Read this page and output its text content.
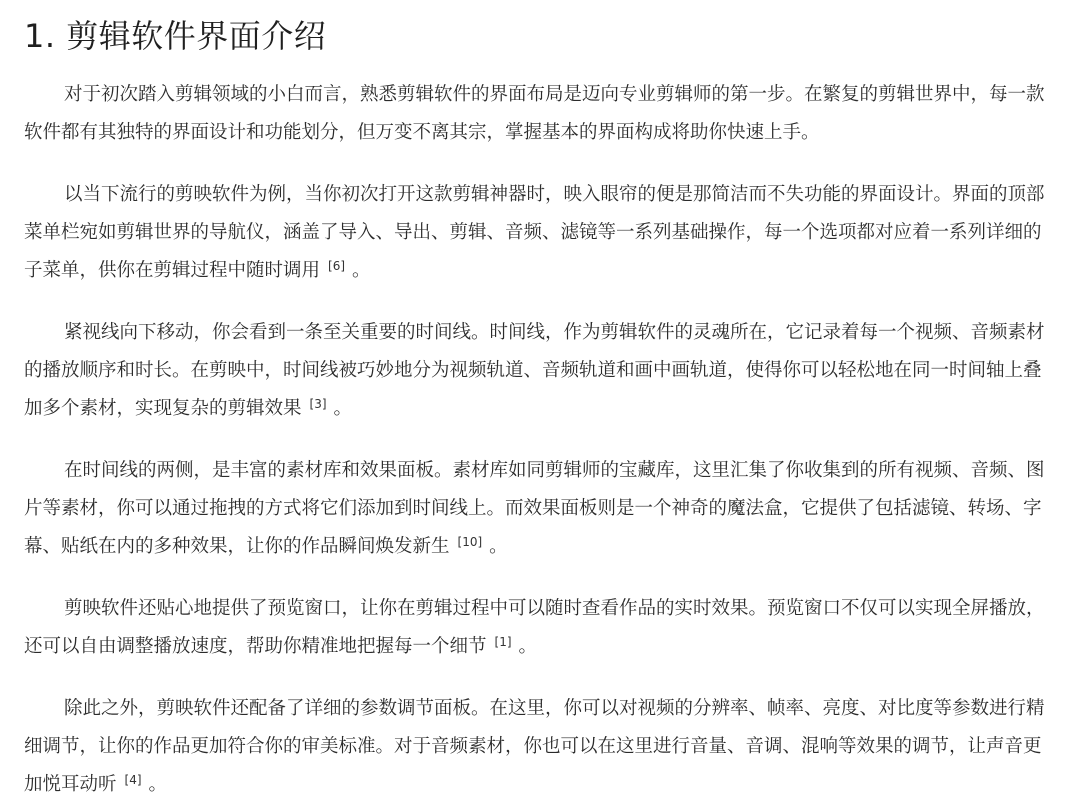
1. 剪辑软件界面介绍

对于初次踏入剪辑领域的小白而言，熟悉剪辑软件的界面布局是迈向专业剪辑师的第一步。在繁复的剪辑世界中，每一款软件都有其独特的界面设计和功能划分，但万变不离其宗，掌握基本的界面构成将助你快速上手。

以当下流行的剪映软件为例，当你初次打开这款剪辑神器时，映入眼帘的便是那简洁而不失功能的界面设计。界面的顶部菜单栏宛如剪辑世界的导航仪，涵盖了导入、导出、剪辑、音频、滤镜等一系列基础操作，每一个选项都对应着一系列详细的子菜单，供你在剪辑过程中随时调用 [6] 。

紧视线向下移动，你会看到一条至关重要的时间线。时间线，作为剪辑软件的灵魂所在，它记录着每一个视频、音频素材的播放顺序和时长。在剪映中，时间线被巧妙地分为视频轨道、音频轨道和画中画轨道，使得你可以轻松地在同一时间轴上叠加多个素材，实现复杂的剪辑效果 [3] 。

在时间线的两侧，是丰富的素材库和效果面板。素材库如同剪辑师的宝藏库，这里汇集了你收集到的所有视频、音频、图片等素材，你可以通过拖拽的方式将它们添加到时间线上。而效果面板则是一个神奇的魔法盒，它提供了包括滤镜、转场、字幕、贴纸在内的多种效果，让你的作品瞬间焕发新生 [10] 。

剪映软件还贴心地提供了预览窗口，让你在剪辑过程中可以随时查看作品的实时效果。预览窗口不仅可以实现全屏播放，还可以自由调整播放速度，帮助你精准地把握每一个细节 [1] 。

除此之外，剪映软件还配备了详细的参数调节面板。在这里，你可以对视频的分辨率、帧率、亮度、对比度等参数进行精细调节，让你的作品更加符合你的审美标准。对于音频素材，你也可以在这里进行音量、音调、混响等效果的调节，让声音更加悦耳动听 [4] 。
